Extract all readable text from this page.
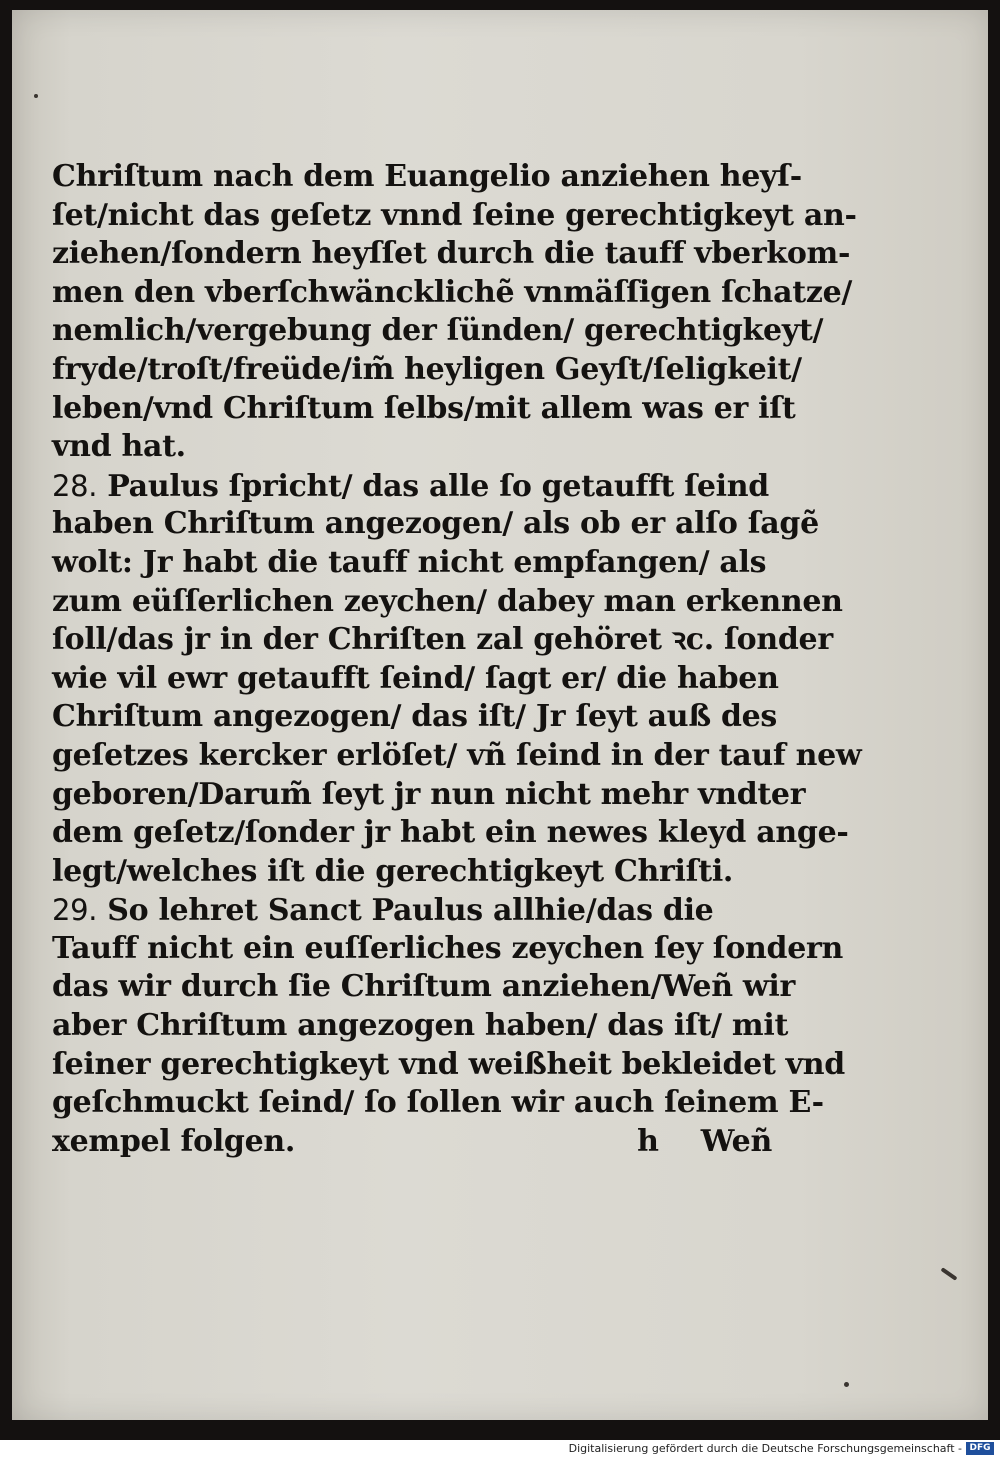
Chriſtum nach dem Euangelio anziehen heyſ-
ſet/nicht das geſetz vnnd ſeine gerechtigkeyt an-
ziehen/ſondern heyſſet durch die tauff vberkom-
men den vberſchwäncklichẽ vnmäſſigen ſchatze/
nemlich/vergebung der ſünden/ gerechtigkeyt/
fryde/troſt/freüde/im̃ heyligen Geyſt/ſeligkeit/
leben/vnd Chriſtum ſelbs/mit allem was er iſt
vnd hat.
28. Paulus ſpricht/ das alle ſo getaufft ſeind
haben Chriſtum angezogen/ als ob er alſo ſagẽ
wolt: Jr habt die tauff nicht empfangen/ als
zum eüſſerlichen zeychen/ dabey man erkennen
ſoll/das jr in der Chriſten zal gehöret ꝛc. ſonder
wie vil ewr getaufft ſeind/ ſagt er/ die haben
Chriſtum angezogen/ das iſt/ Jr ſeyt auß des
geſetzes kercker erlöſet/ vñ ſeind in der tauf new
geboren/Darum̃ ſeyt jr nun nicht mehr vndter
dem geſetz/ſonder jr habt ein newes kleyd ange-
legt/welches iſt die gerechtigkeyt Chriſti.
29. So lehret Sanct Paulus allhie/das die
Tauff nicht ein euſſerliches zeychen ſey ſondern
das wir durch ſie Chriſtum anziehen/Weñ wir
aber Chriſtum angezogen haben/ das iſt/ mit
ſeiner gerechtigkeyt vnd weißheit bekleidet vnd
geſchmuckt ſeind/ ſo ſollen wir auch ſeinem E-
xempel folgen.	h Weñ
Digitalisierung gefördert durch die Deutsche Forschungsgemeinschaft - DFG
